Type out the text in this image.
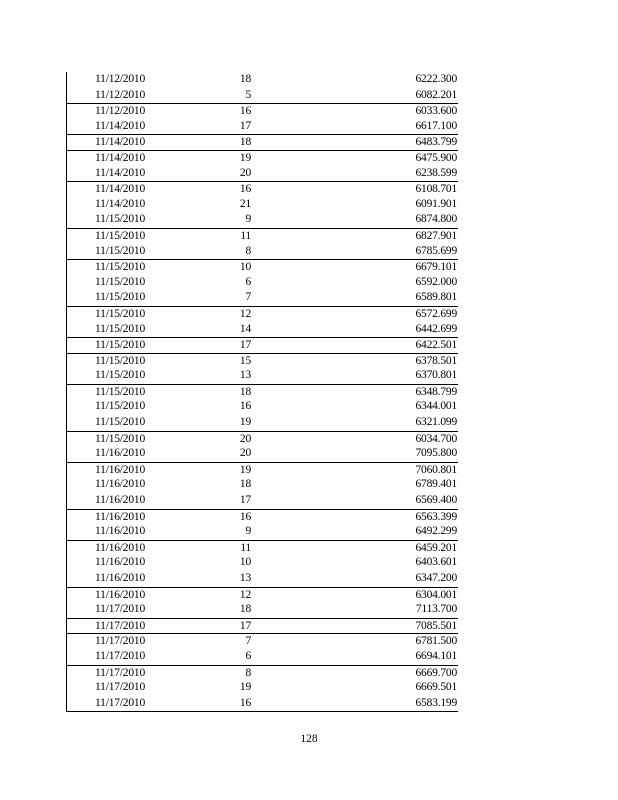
11/12/2010	18	6222.300
11/12/2010	5	6082.201
11/12/2010	16	6033.600
11/14/2010	17	6617.100
11/14/2010	18	6483.799
11/14/2010	19	6475.900
11/14/2010	20	6238.599
11/14/2010	16	6108.701
11/14/2010	21	6091.901
11/15/2010	9	6874.800
11/15/2010	11	6827.901
11/15/2010	8	6785.699
11/15/2010	10	6679.101
11/15/2010	6	6592.000
11/15/2010	7	6589.801
11/15/2010	12	6572.699
11/15/2010	14	6442.699
11/15/2010	17	6422.501
11/15/2010	15	6378.501
11/15/2010	13	6370.801
11/15/2010	18	6348.799
11/15/2010	16	6344.001
11/15/2010	19	6321.099
11/15/2010	20	6034.700
11/16/2010	20	7095.800
11/16/2010	19	7060.801
11/16/2010	18	6789.401
11/16/2010	17	6569.400
11/16/2010	16	6563.399
11/16/2010	9	6492.299
11/16/2010	11	6459.201
11/16/2010	10	6403.601
11/16/2010	13	6347.200
11/16/2010	12	6304.001
11/17/2010	18	7113.700
11/17/2010	17	7085.501
11/17/2010	7	6781.500
11/17/2010	6	6694.101
11/17/2010	8	6669.700
11/17/2010	19	6669.501
11/17/2010	16	6583.199
128
